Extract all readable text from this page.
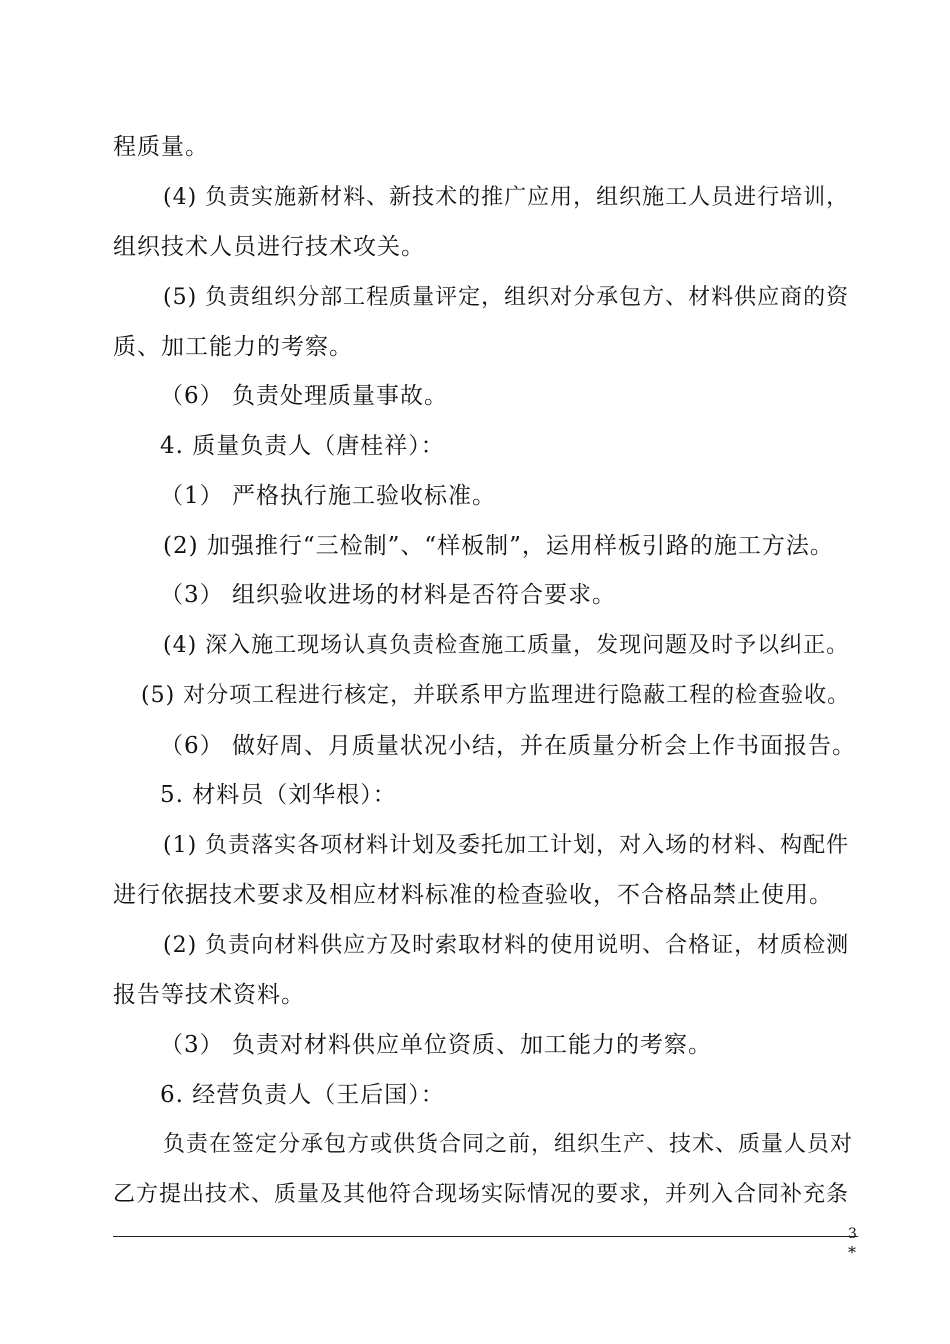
程质量。
(4) 负责实施新材料、新技术的推广应用，组织施工人员进行培训，
组织技术人员进行技术攻关。
(5) 负责组织分部工程质量评定，组织对分承包方、材料供应商的资
质、加工能力的考察。
（6） 负责处理质量事故。
4. 质量负责人（唐桂祥）：
（1） 严格执行施工验收标准。
(2) 加强推行“三检制”、“样板制”，运用样板引路的施工方法。
（3） 组织验收进场的材料是否符合要求。
(4) 深入施工现场认真负责检查施工质量，发现问题及时予以纠正。
(5) 对分项工程进行核定，并联系甲方监理进行隐蔽工程的检查验收。
（6） 做好周、月质量状况小结，并在质量分析会上作书面报告。
5. 材料员（刘华根）：
(1) 负责落实各项材料计划及委托加工计划，对入场的材料、构配件
进行依据技术要求及相应材料标准的检查验收，不合格品禁止使用。
(2) 负责向材料供应方及时索取材料的使用说明、合格证，材质检测
报告等技术资料。
（3） 负责对材料供应单位资质、加工能力的考察。
6. 经营负责人（王后国）：
负责在签定分承包方或供货合同之前，组织生产、技术、质量人员对
乙方提出技术、质量及其他符合现场实际情况的要求，并列入合同补充条
3
*
